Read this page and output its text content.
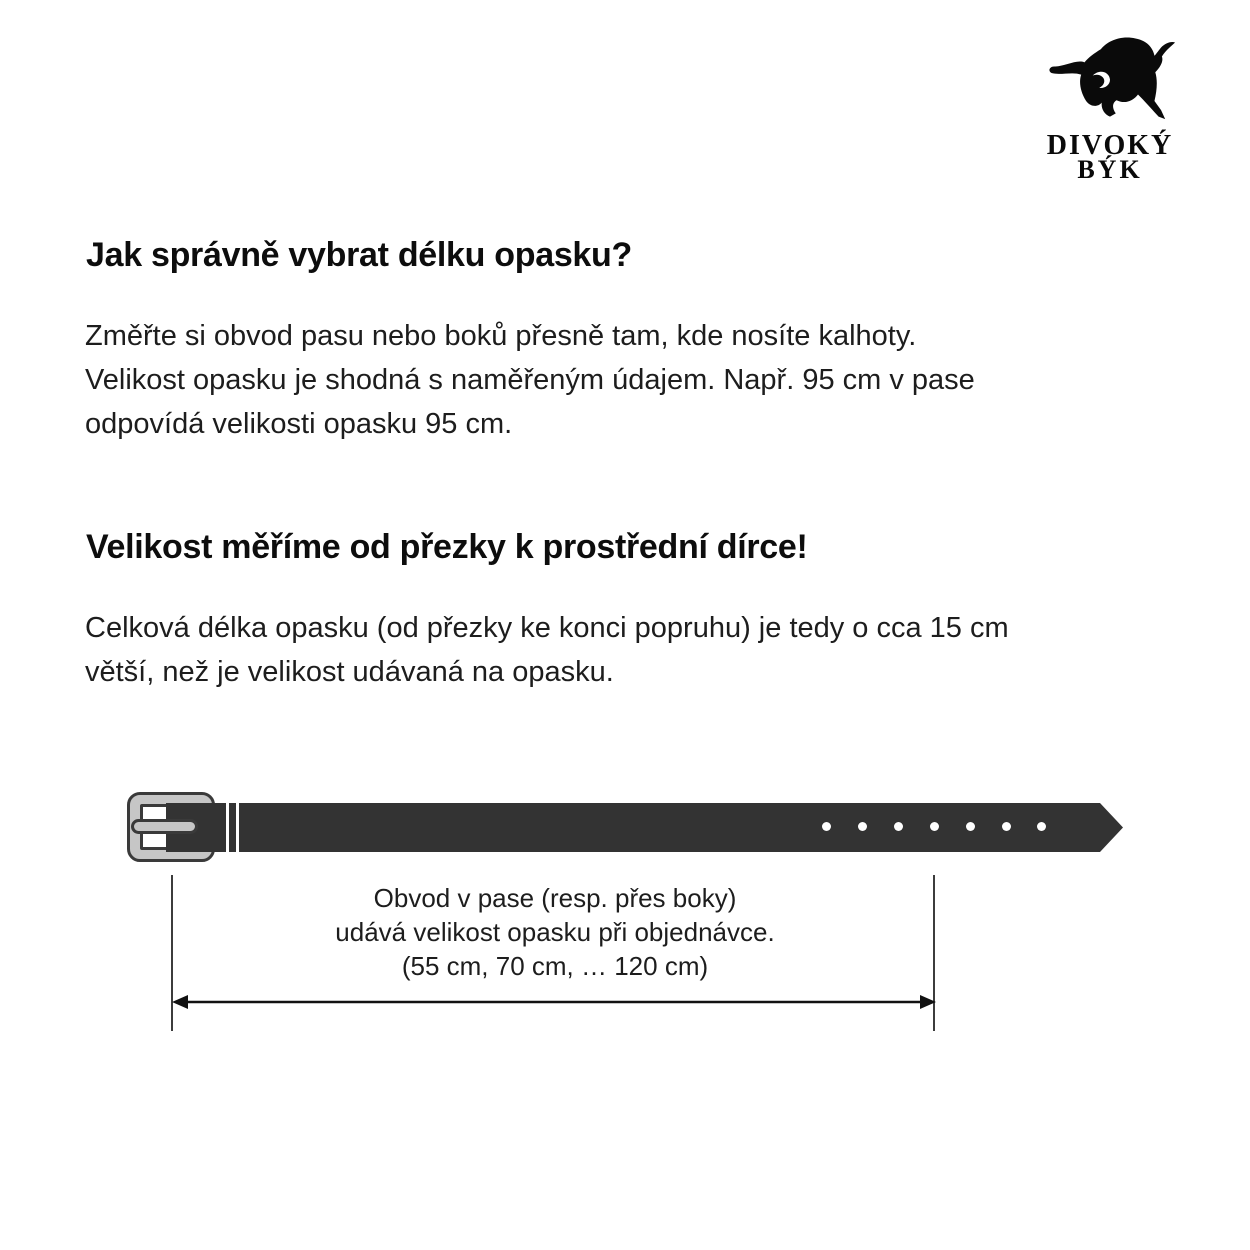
DIVOKÝ
BÝK
Jak správně vybrat délku opasku?
Změřte si obvod pasu nebo boků přesně tam, kde nosíte kalhoty.
Velikost opasku je shodná s naměřeným údajem. Např. 95 cm v pase
odpovídá velikosti opasku 95 cm.
Velikost měříme od přezky k prostřední dírce!
Celková délka opasku (od přezky ke konci popruhu) je tedy o cca 15 cm
větší, než je velikost udávaná na opasku.
Obvod v pase (resp. přes boky)
udává velikost opasku při objednávce.
(55 cm, 70 cm, … 120 cm)
